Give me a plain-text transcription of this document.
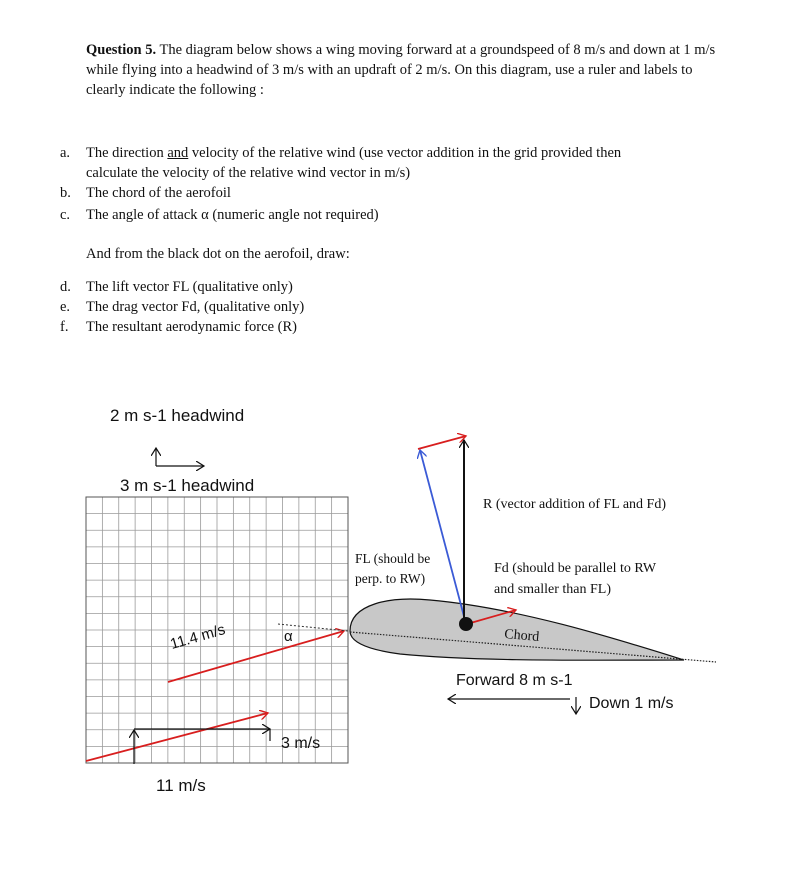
Question 5. The diagram below shows a wing moving forward at a groundspeed of 8 m/s and down at 1 m/s while flying into a headwind of 3 m/s with an updraft of 2 m/s. On this diagram, use a ruler and labels to clearly indicate the following :
a. The direction and velocity of the relative wind (use vector addition in the grid provided then
calculate the velocity of the relative wind vector in m/s)
b. The chord of the aerofoil
c. The angle of attack α (numeric angle not required)
And from the black dot on the aerofoil, draw:
d. The lift vector FL (qualitative only)
e. The drag vector Fd, (qualitative only)
f. The resultant aerodynamic force (R)
2 m s-1 headwind
3 m s-1 headwind
11.4 m/s	α
3 m/s
11 m/s
FL (should be
perp. to RW)
R (vector addition of FL and Fd)
Fd (should be parallel to RW
and smaller than FL)
Chord
Forward 8 m s-1
Down 1 m/s
